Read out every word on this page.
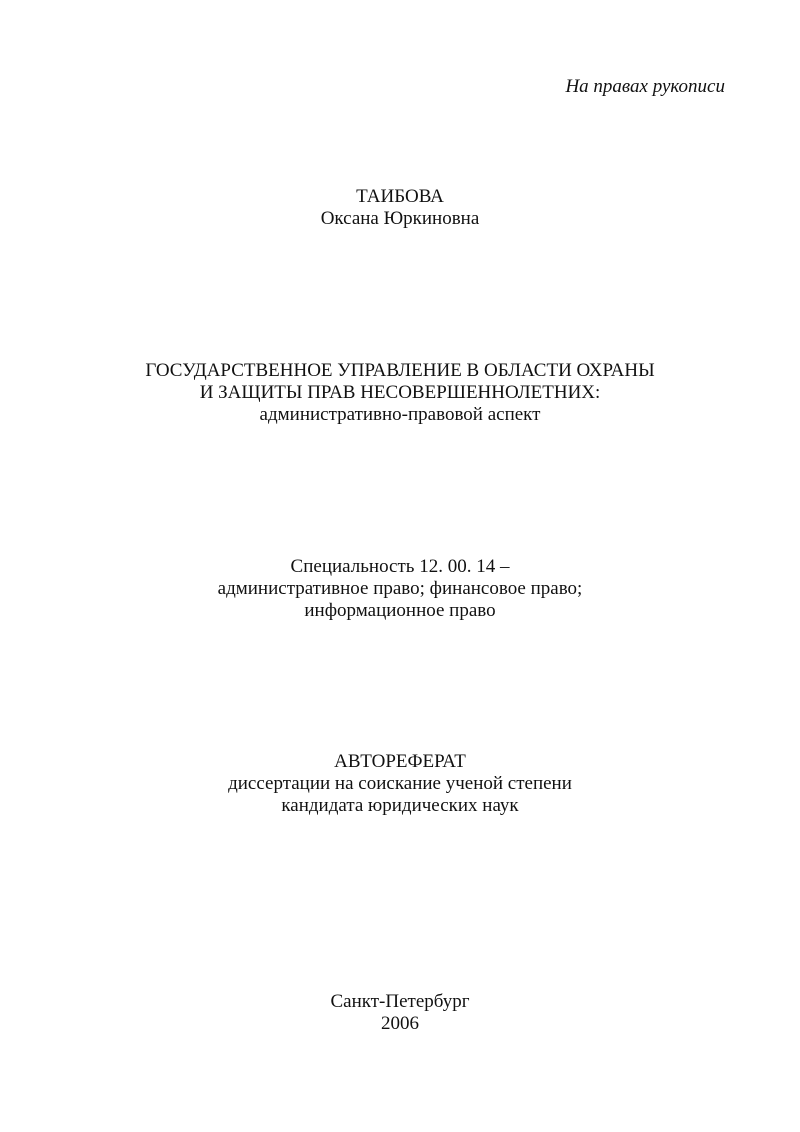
На правах рукописи
ТАИБОВА
Оксана Юркиновна
ГОСУДАРСТВЕННОЕ УПРАВЛЕНИЕ В ОБЛАСТИ ОХРАНЫ
И ЗАЩИТЫ ПРАВ НЕСОВЕРШЕННОЛЕТНИХ:
административно-правовой аспект
Специальность 12. 00. 14 –
административное право; финансовое право;
информационное право
АВТОРЕФЕРАТ
диссертации на соискание ученой степени
кандидата юридических наук
Санкт-Петербург
2006
